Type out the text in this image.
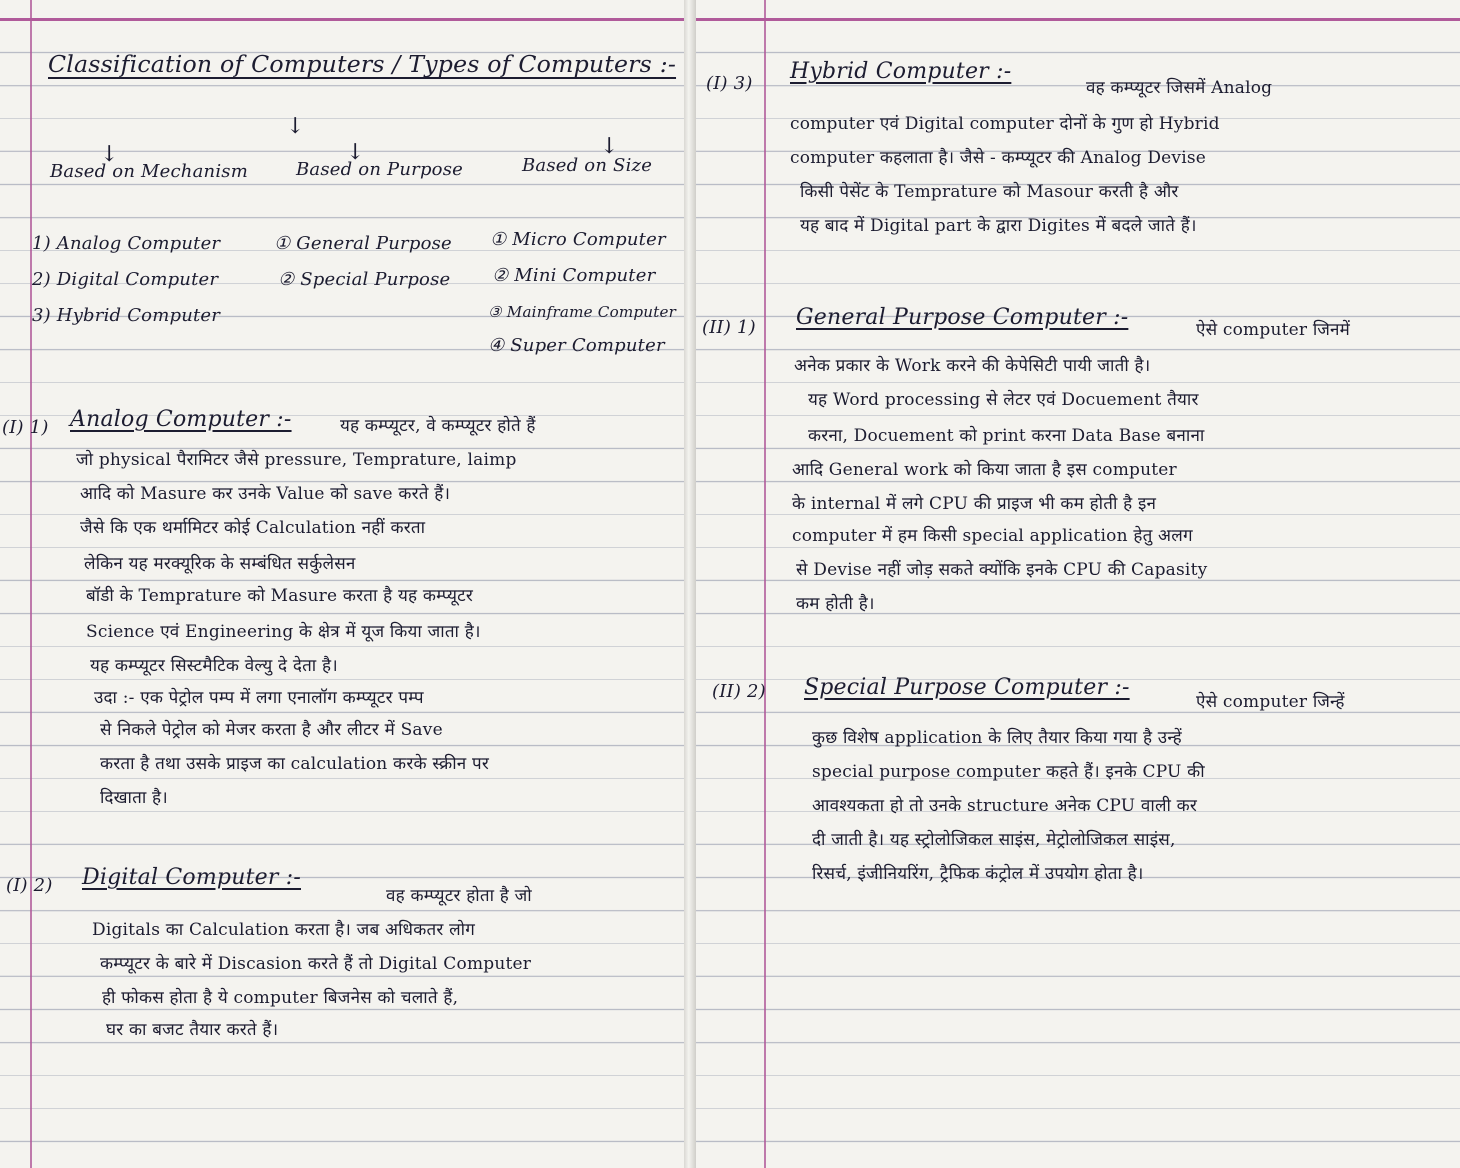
Classification of Computers / Types of Computers :-
↓
↓	↓	↓
Based on Mechanism	Based on Purpose	Based on Size
1) Analog Computer
2) Digital Computer
3) Hybrid Computer
① General Purpose
② Special Purpose
① Micro Computer
② Mini Computer
③ Mainframe Computer
④ Super Computer
(I) 1) Analog Computer :-	यह कम्प्यूटर, वे कम्प्यूटर होते हैं
जो physical पैरामिटर जैसे pressure, Temprature, laimp
आदि को Masure कर उनके Value को save करते हैं।
जैसे कि एक थर्मामिटर कोई Calculation नहीं करता
लेकिन यह मरक्यूरिक के सम्बंधित सर्कुलेसन
बॉडी के Temprature को Masure करता है यह कम्प्यूटर
Science एवं Engineering के क्षेत्र में यूज किया जाता है।
यह कम्प्यूटर सिस्टमैटिक वेल्यु दे देता है।
उदा :- एक पेट्रोल पम्प में लगा एनालॉग कम्प्यूटर पम्प
से निकले पेट्रोल को मेजर करता है और लीटर में Save
करता है तथा उसके प्राइज का calculation करके स्क्रीन पर
दिखाता है।
(I) 2) Digital Computer :-
वह कम्प्यूटर होता है जो
Digitals का Calculation करता है। जब अधिकतर लोग
कम्प्यूटर के बारे में Discasion करते हैं तो Digital Computer
ही फोकस होता है ये computer बिजनेस को चलाते हैं,
घर का बजट तैयार करते हैं।
(I) 3) Hybrid Computer :-
वह कम्प्यूटर जिसमें Analog
computer एवं Digital computer दोनों के गुण हो Hybrid
computer कहलाता है। जैसे - कम्प्यूटर की Analog Devise
किसी पेसेंट के Temprature को Masour करती है और
यह बाद में Digital part के द्वारा Digites में बदले जाते हैं।
(II) 1) General Purpose Computer :-	ऐसे computer जिनमें
अनेक प्रकार के Work करने की केपेसिटी पायी जाती है।
यह Word processing से लेटर एवं Docuement तैयार
करना, Docuement को print करना Data Base बनाना
आदि General work को किया जाता है इस computer
के internal में लगे CPU की प्राइज भी कम होती है इन
computer में हम किसी special application हेतु अलग
से Devise नहीं जोड़ सकते क्योंकि इनके CPU की Capasity
कम होती है।
(II) 2) Special Purpose Computer :-
ऐसे computer जिन्हें
कुछ विशेष application के लिए तैयार किया गया है उन्हें
special purpose computer कहते हैं। इनके CPU की
आवश्यकता हो तो उनके structure अनेक CPU वाली कर
दी जाती है। यह स्ट्रोलोजिकल साइंस, मेट्रोलोजिकल साइंस,
रिसर्च, इंजीनियरिंग, ट्रैफिक कंट्रोल में उपयोग होता है।
